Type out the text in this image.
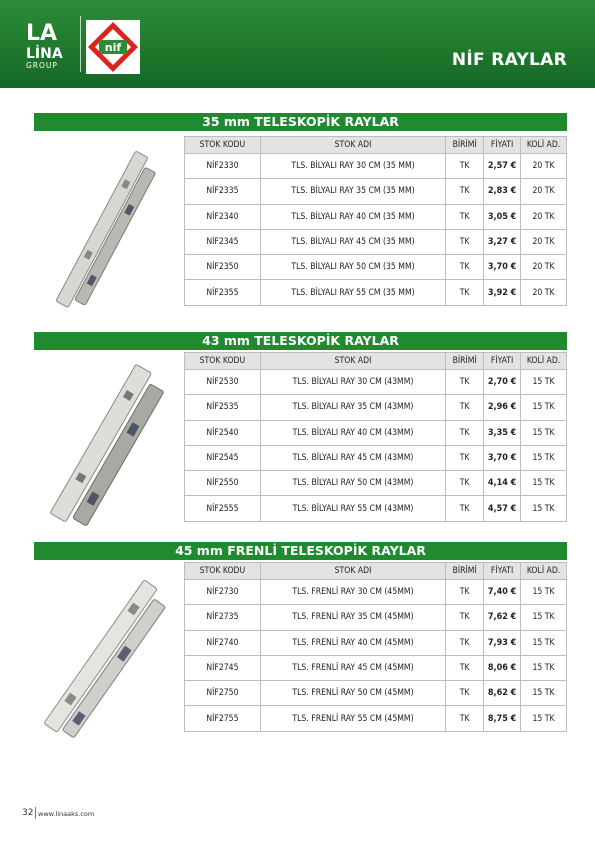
LA
LİNA
GROUP
nif
NİF RAYLAR
35 mm TELESKOPİK RAYLAR
STOK KODU	STOK ADI	BİRİMİ	FİYATI	KOLİ AD.
NİF2330	TLS. BİLYALI RAY 30 CM (35 MM)	TK	2,57 €	20 TK
NİF2335	TLS. BİLYALI RAY 35 CM (35 MM)	TK	2,83 €	20 TK
NİF2340	TLS. BİLYALI RAY 40 CM (35 MM)	TK	3,05 €	20 TK
NİF2345	TLS. BİLYALI RAY 45 CM (35 MM)	TK	3,27 €	20 TK
NİF2350	TLS. BİLYALI RAY 50 CM (35 MM)	TK	3,70 €	20 TK
NİF2355	TLS. BİLYALI RAY 55 CM (35 MM)	TK	3,92 €	20 TK
43 mm TELESKOPİK RAYLAR
STOK KODU	STOK ADI	BİRİMİ	FİYATI	KOLİ AD.
NİF2530	TLS. BİLYALI RAY 30 CM (43MM)	TK	2,70 €	15 TK
NİF2535	TLS. BİLYALI RAY 35 CM (43MM)	TK	2,96 €	15 TK
NİF2540	TLS. BİLYALI RAY 40 CM (43MM)	TK	3,35 €	15 TK
NİF2545	TLS. BİLYALI RAY 45 CM (43MM)	TK	3,70 €	15 TK
NİF2550	TLS. BİLYALI RAY 50 CM (43MM)	TK	4,14 €	15 TK
NİF2555	TLS. BİLYALI RAY 55 CM (43MM)	TK	4,57 €	15 TK
45 mm FRENLİ TELESKOPİK RAYLAR
STOK KODU	STOK ADI	BİRİMİ	FİYATI	KOLİ AD.
NİF2730	TLS. FRENLİ RAY 30 CM (45MM)	TK	7,40 €	15 TK
NİF2735	TLS. FRENLİ RAY 35 CM (45MM)	TK	7,62 €	15 TK
NİF2740	TLS. FRENLİ RAY 40 CM (45MM)	TK	7,93 €	15 TK
NİF2745	TLS. FRENLİ RAY 45 CM (45MM)	TK	8,06 €	15 TK
NİF2750	TLS. FRENLİ RAY 50 CM (45MM)	TK	8,62 €	15 TK
NİF2755	TLS. FRENLİ RAY 55 CM (45MM)	TK	8,75 €	15 TK
32 www.linaaks.com
